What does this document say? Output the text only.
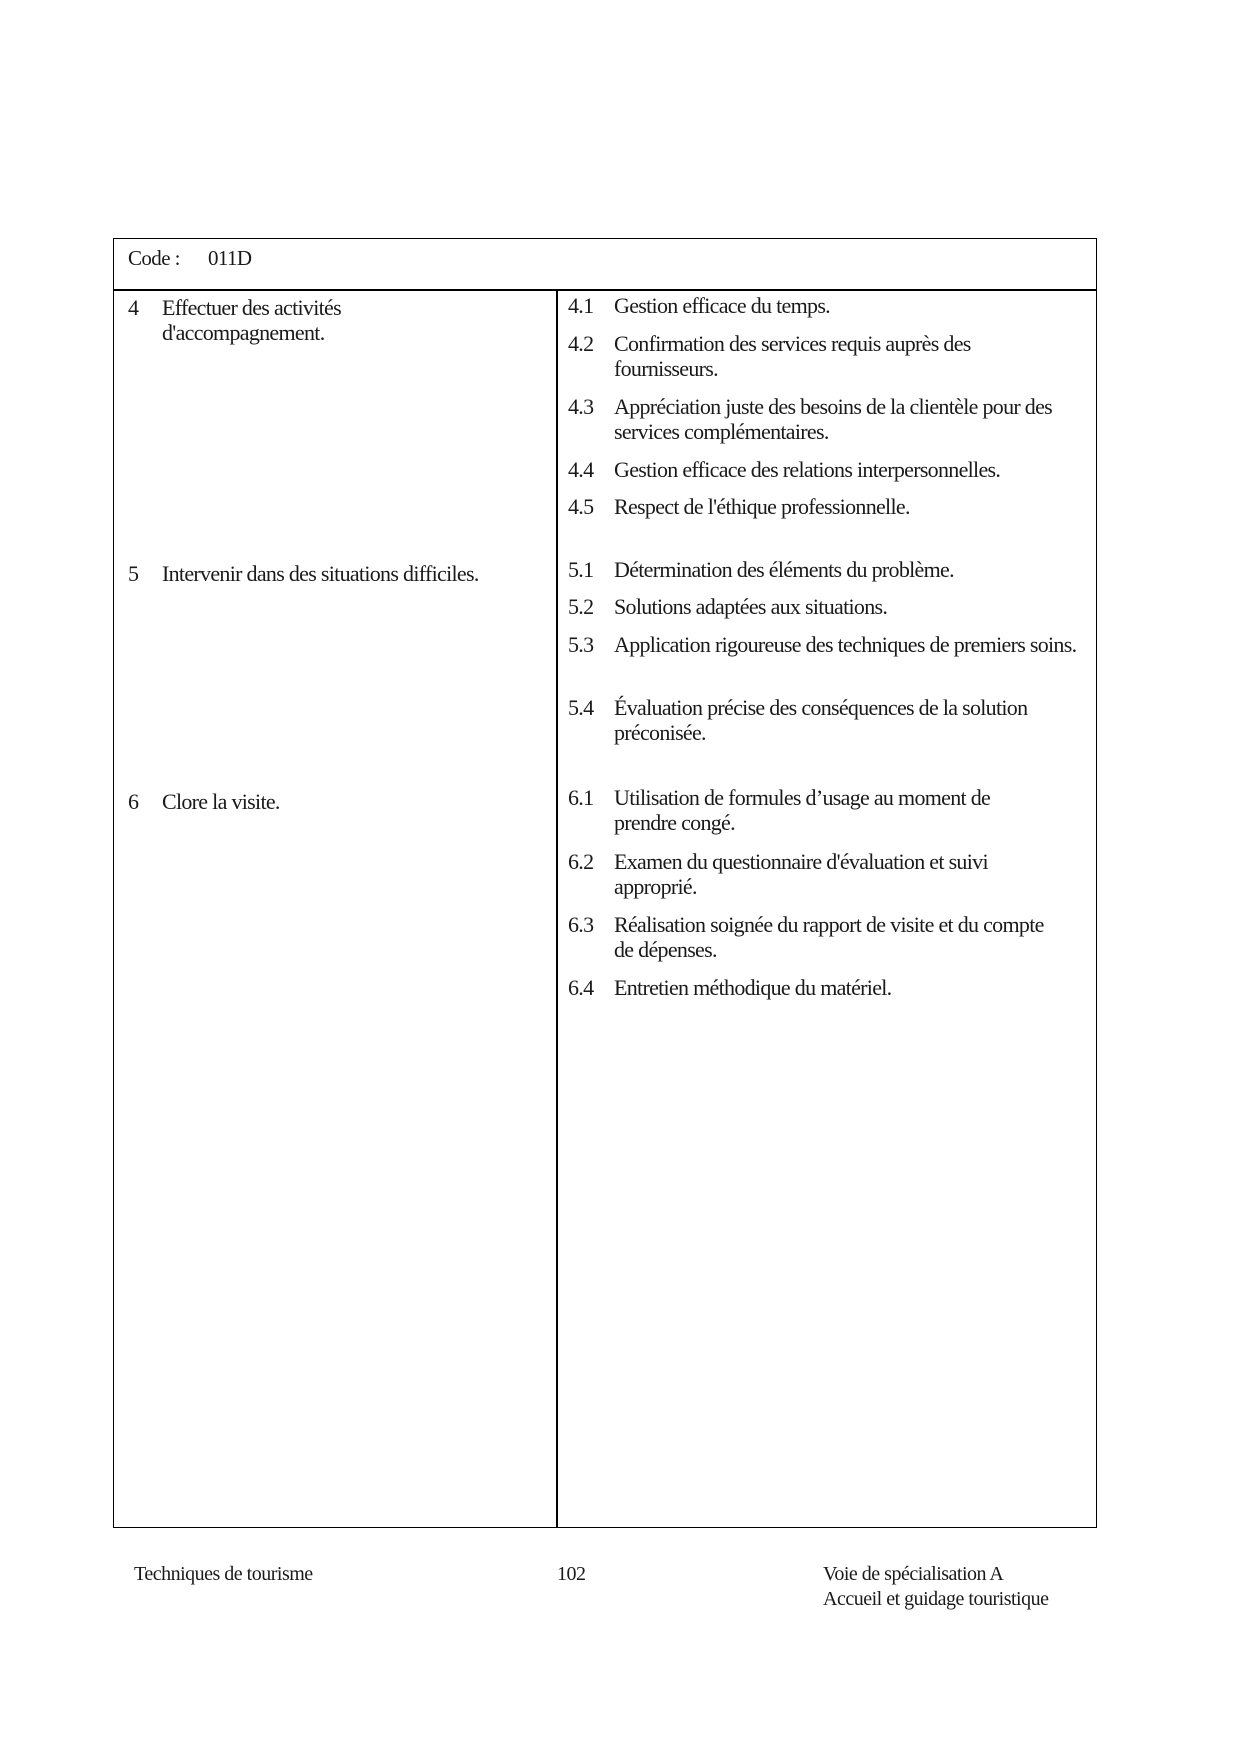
Code : 011D
4 Effectuer des activités d'accompagnement.
5 Intervenir dans des situations difficiles.
6 Clore la visite.
4.1 Gestion efficace du temps.
4.2 Confirmation des services requis auprès des fournisseurs.
4.3 Appréciation juste des besoins de la clientèle pour des services complémentaires.
4.4 Gestion efficace des relations interpersonnelles.
4.5 Respect de l'éthique professionnelle.
5.1 Détermination des éléments du problème.
5.2 Solutions adaptées aux situations.
5.3 Application rigoureuse des techniques de premiers soins.
5.4 Évaluation précise des conséquences de la solution préconisée.
6.1 Utilisation de formules d’usage au moment de prendre congé.
6.2 Examen du questionnaire d'évaluation et suivi approprié.
6.3 Réalisation soignée du rapport de visite et du compte de dépenses.
6.4 Entretien méthodique du matériel.
Techniques de tourisme	102	Voie de spécialisation A
Accueil et guidage touristique
